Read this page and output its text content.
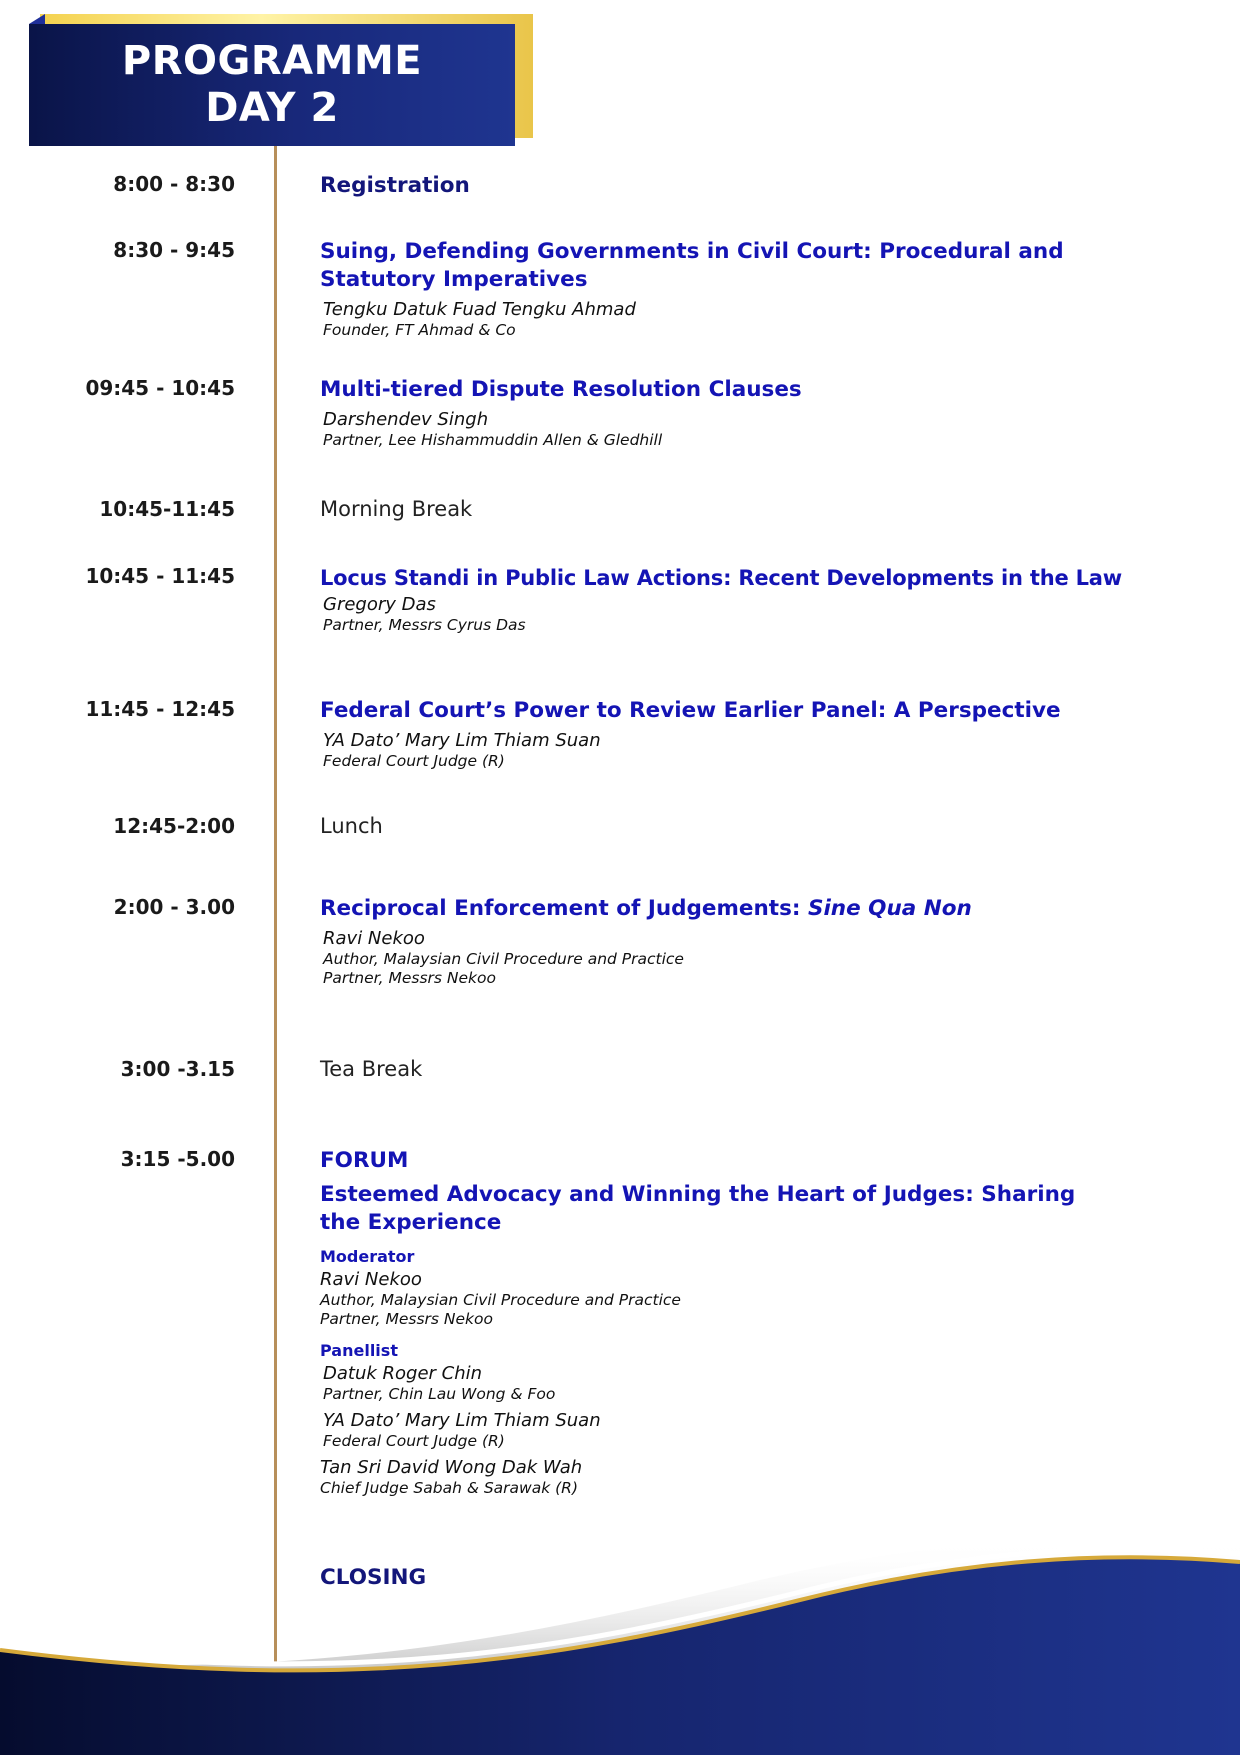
PROGRAMME
DAY 2
8:00 - 8:30	Registration
8:30 - 9:45	Suing, Defending Governments in Civil Court: Procedural and Statutory Imperatives
Tengku Datuk Fuad Tengku Ahmad
Founder, FT Ahmad & Co
09:45 - 10:45	Multi-tiered Dispute Resolution Clauses
Darshendev Singh
Partner, Lee Hishammuddin Allen & Gledhill
10:45-11:45	Morning Break
10:45 - 11:45	Locus Standi in Public Law Actions: Recent Developments in the Law
Gregory Das
Partner, Messrs Cyrus Das
11:45 - 12:45	Federal Court’s Power to Review Earlier Panel: A Perspective
YA Dato’ Mary Lim Thiam Suan
Federal Court Judge (R)
12:45-2:00	Lunch
2:00 - 3.00	Reciprocal Enforcement of Judgements: Sine Qua Non
Ravi Nekoo
Author, Malaysian Civil Procedure and Practice
Partner, Messrs Nekoo
3:00 -3.15	Tea Break
3:15 -5.00	FORUM
Esteemed Advocacy and Winning the Heart of Judges: Sharing the Experience
Moderator
Ravi Nekoo
Author, Malaysian Civil Procedure and Practice
Partner, Messrs Nekoo
Panellist
Datuk Roger Chin
Partner, Chin Lau Wong & Foo
YA Dato’ Mary Lim Thiam Suan
Federal Court Judge (R)
Tan Sri David Wong Dak Wah
Chief Judge Sabah & Sarawak (R)
CLOSING
